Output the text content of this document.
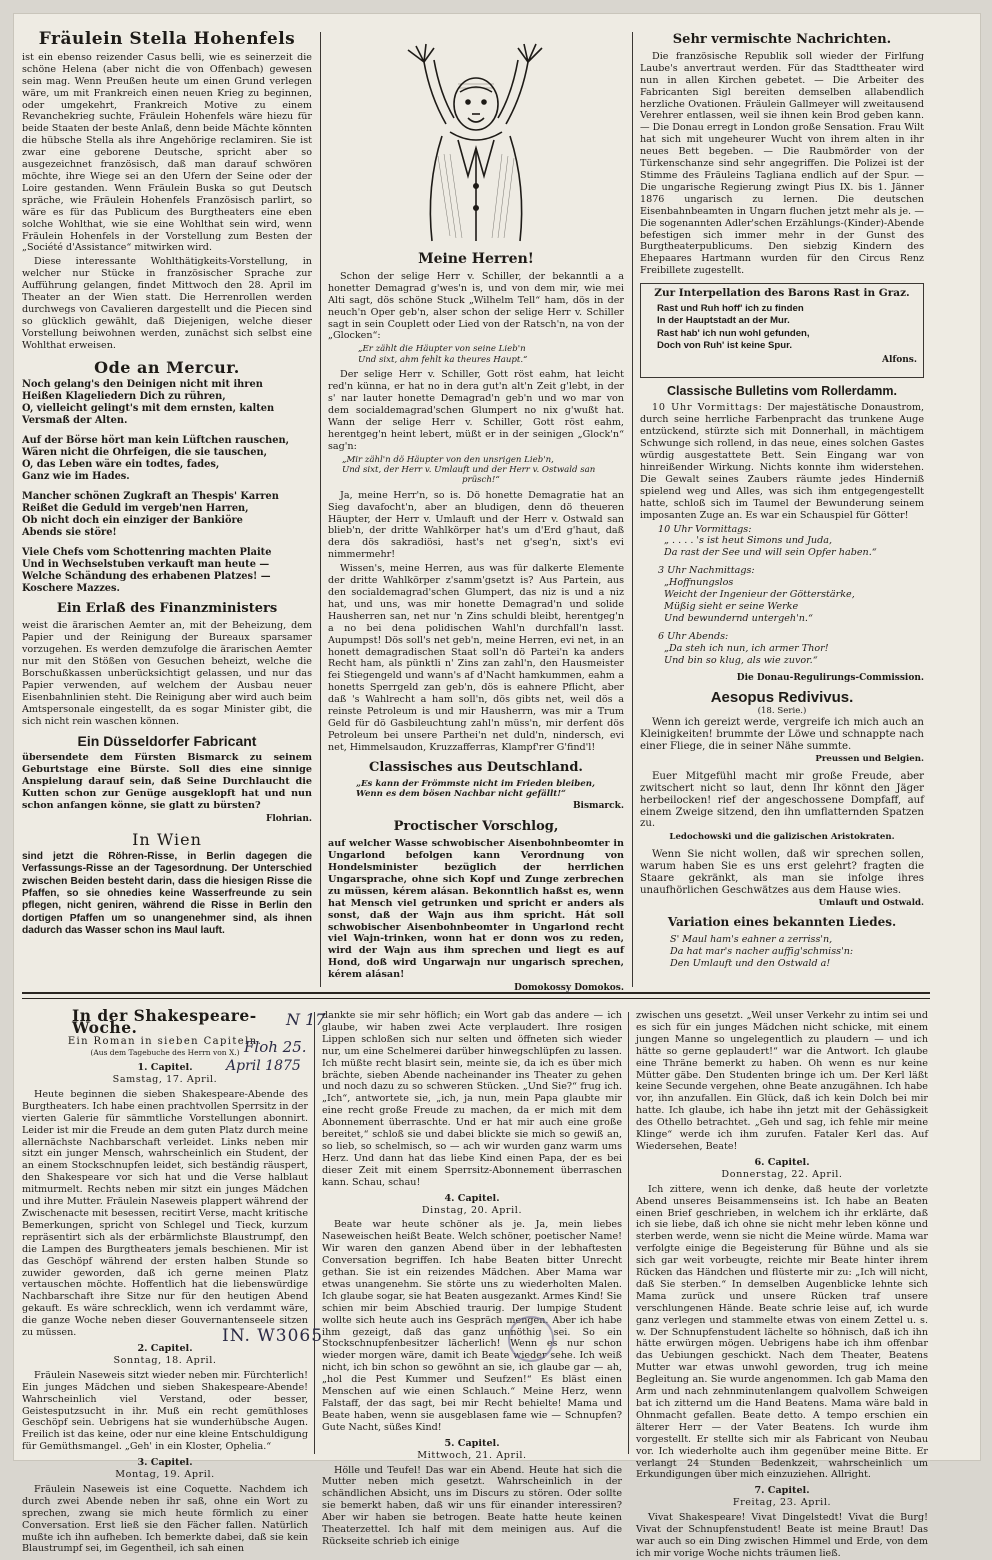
Fräulein Stella Hohenfels

ist ein ebenso reizender Casus belli, wie es seinerzeit die schöne Helena (aber nicht die von Offenbach) gewesen sein mag. Wenn Preußen heute um einen Grund verlegen wäre, um mit Frankreich einen neuen Krieg zu beginnen, oder umgekehrt, Frankreich Motive zu einem Revanchekrieg suchte, Fräulein Hohenfels wäre hiezu für beide Staaten der beste Anlaß, denn beide Mächte könnten die hübsche Stella als ihre Angehörige reclamiren. Sie ist zwar eine geborene Deutsche, spricht aber so ausgezeichnet französisch, daß man darauf schwören möchte, ihre Wiege sei an den Ufern der Seine oder der Loire gestanden. Wenn Fräulein Buska so gut Deutsch spräche, wie Fräulein Hohenfels Französisch parlirt, so wäre es für das Publicum des Burgtheaters eine eben solche Wohlthat, wie sie eine Wohlthat sein wird, wenn Fräulein Hohenfels in der Vorstellung zum Besten der „Société d'Assistance“ mitwirken wird.

Diese interessante Wohlthätigkeits-Vorstellung, in welcher nur Stücke in französischer Sprache zur Aufführung gelangen, findet Mittwoch den 28. April im Theater an der Wien statt. Die Herrenrollen werden durchwegs von Cavalieren dargestellt und die Piecen sind so glücklich gewählt, daß Diejenigen, welche dieser Vorstellung beiwohnen werden, zunächst sich selbst eine Wohlthat erweisen.

Ode an Mercur.
Noch gelang's den Deinigen nicht mit ihren
Heißen Klageliedern Dich zu rühren,
O, vielleicht gelingt's mit dem ernsten, kalten
Versmaß der Alten.
Auf der Börse hört man kein Lüftchen rauschen,
Wären nicht die Ohrfeigen, die sie tauschen,
O, das Leben wäre ein todtes, fades,
Ganz wie im Hades.
Mancher schönen Zugkraft an Thespis' Karren
Reißet die Geduld im vergeb'nen Harren,
Ob nicht doch ein einziger der Bankiöre
Abends sie störe!
Viele Chefs vom Schottenring machten Plaite
Und in Wechselstuben verkauft man heute —
Welche Schändung des erhabenen Platzes! —
Koschere Mazzes.
Ein Erlaß des Finanzministers

weist die ärarischen Aemter an, mit der Beheizung, dem Papier und der Reinigung der Bureaux sparsamer vorzugehen. Es werden demzufolge die ärarischen Aemter nur mit den Stößen von Gesuchen beheizt, welche die Borschußkassen unberücksichtigt gelassen, und nur das Papier verwenden, auf welchem der Ausbau neuer Eisenbahnlinien steht. Die Reinigung aber wird auch beim Amtspersonale eingestellt, da es sogar Minister gibt, die sich nicht rein waschen können.

Ein Düsseldorfer Fabricant

übersendete dem Fürsten Bismarck zu seinem Geburtstage eine Bürste. Soll dies eine sinnige Anspielung darauf sein, daß Seine Durchlaucht die Kutten schon zur Genüge ausgeklopft hat und nun schon anfangen könne, sie glatt zu bürsten?

Flohrian.
In Wien

sind jetzt die Röhren-Risse, in Berlin dagegen die Verfassungs-Risse an der Tagesordnung. Der Unterschied zwischen Beiden besteht darin, dass die hiesigen Risse die Pfaffen, so sie ohnedies keine Wasserfreunde zu sein pflegen, nicht geniren, während die Risse in Berlin den dortigen Pfaffen um so unangenehmer sind, als ihnen dadurch das Wasser schon ins Maul lauft.

Meine Herren!

Schon der selige Herr v. Schiller, der bekanntli a a honetter Demagrad g'wes'n is, und von dem mir, wie mei Alti sagt, dös schöne Stuck „Wilhelm Tell“ ham, dös in der neuch'n Oper geb'n, alser schon der selige Herr v. Schiller sagt in sein Couplett oder Lied von der Ratsch'n, na von der „Glocken“:

„Er zählt die Häupter von seine Lieb'n
Und sixt, ahm fehlt ka theures Haupt.“

Der selige Herr v. Schiller, Gott röst eahm, hat leicht red'n künna, er hat no in dera gut'n alt'n Zeit g'lebt, in der s' nar lauter honette Demagrad'n geb'n und wo mar von dem socialdemagrad'schen Glumpert no nix g'wußt hat. Wann der selige Herr v. Schiller, Gott röst eahm, herentgeg'n heint lebert, müßt er in der seinigen „Glock'n“ sag'n:

„Mir zähl'n dö Häupter von den unsrigen Lieb'n,
Und sixt, der Herr v. Umlauft und der Herr v. Ostwald san
prüsch!“

Ja, meine Herr'n, so is. Dö honette Demagratie hat an Sieg davafocht'n, aber an bludigen, denn dö theueren Häupter, der Herr v. Umlauft und der Herr v. Ostwald san blieb'n, der dritte Wahlkörper hat's um d'Erd g'haut, daß dera dös sakradiösi, hast's net g'seg'n, sixt's evi nimmermehr!

Wissen's, meine Herren, aus was für dalkerte Elemente der dritte Wahlkörper z'samm'gsetzt is? Aus Partein, aus den socialdemagrad'schen Glumpert, das niz is und a niz hat, und uns, was mir honette Demagrad'n und solide Hausherren san, net nur 'n Zins schuldi bleibt, herentgeg'n a no bei dena polidischen Wahl'n durchfall'n lasst. Aupumpst! Dös soll's net geb'n, meine Herren, evi net, in an honett demagradischen Staat soll'n dö Partei'n ka anders Recht ham, als pünktli n' Zins zan zahl'n, den Hausmeister fei Stiegengeld und wann's af d'Nacht hamkummen, eahm a honetts Sperrgeld zan geb'n, dös is eahnere Pflicht, aber daß 's Wahlrecht a ham soll'n, dös gibts net, weil dös a reinste Petroleum is und mir Hausherrn, was mir a Trum Geld für dö Gasbileuchtung zahl'n müss'n, mir derfent dös Petroleum bei unsere Parthei'n net duld'n, nindersch, evi net, Himmelsaudon, Kruzzafferras, Klampf'rer G'find'l!

Classisches aus Deutschland.
„Es kann der Frömmste nicht im Frieden bleiben,
Wenn es dem bösen Nachbar nicht gefällt!“
Bismarck.
Proctischer Vorschlog,

auf welcher Wasse schwobischer Aisenbohnbeomter in Ungarlond befolgen kann Verordnung von Hondelsminister bezüglich der herrlichen Ungarsprache, ohne sich Kopf und Zunge zerbrechen zu müssen, kérem alásan. Bekonntlich haßst es, wenn hat Mensch viel getrunken und spricht er anders als sonst, daß der Wajn aus ihm spricht. Hát soll schwobischer Aisenbohnbeomter in Ungarlond recht viel Wajn-trinken, wonn hat er donn wos zu reden, wird der Wajn aus ihm sprechen und liegt es auf Hond, doß wird Ungarwajn nur ungarisch sprechen, kérem alásan!

Domokossy Domokos.
Sehr vermischte Nachrichten.

Die französische Republik soll wieder der Firlfung Laube's anvertraut werden. Für das Stadttheater wird nun in allen Kirchen gebetet. — Die Arbeiter des Fabricanten Sigl bereiten demselben allabendlich herzliche Ovationen. Fräulein Gallmeyer will zweitausend Verehrer entlassen, weil sie ihnen kein Brod geben kann. — Die Donau erregt in London große Sensation. Frau Wilt hat sich mit ungeheurer Wucht von ihrem alten in ihr neues Bett begeben. — Die Raubmörder von der Türkenschanze sind sehr angegriffen. Die Polizei ist der Stimme des Fräuleins Tagliana endlich auf der Spur. — Die ungarische Regierung zwingt Pius IX. bis 1. Jänner 1876 ungarisch zu lernen. Die deutschen Eisenbahnbeamten in Ungarn fluchen jetzt mehr als je. — Die sogenannten Adler'schen Erzählungs-(Kinder)-Abende befestigen sich immer mehr in der Gunst des Burgtheaterpublicums. Den siebzig Kindern des Ehepaares Hartmann wurden für den Circus Renz Freibillete zugestellt.

Zur Interpellation des Barons Rast in Graz.
Rast und Ruh hoff' ich zu finden
In der Hauptstadt an der Mur.
Rast hab' ich nun wohl gefunden,
Doch von Ruh' ist keine Spur.
Alfons.
Classische Bulletins vom Rollerdamm.

10 Uhr Vormittags: Der majestätische Donaustrom, durch seine herrliche Farbenpracht das trunkene Auge entzückend, stürzte sich mit Donnerhall, in mächtigem Schwunge sich rollend, in das neue, eines solchen Gastes würdig ausgestattete Bett. Sein Eingang war von hinreißender Wirkung. Nichts konnte ihm widerstehen. Die Gewalt seines Zaubers räumte jedes Hinderniß spielend weg und Alles, was sich ihm entgegengestellt hatte, schloß sich im Taumel der Bewunderung seinem imposanten Zuge an. Es war ein Schauspiel für Götter!

10 Uhr Vormittags:
„ . . . . 's ist heut Simons und Juda,
Da rast der See und will sein Opfer haben.“
3 Uhr Nachmittags:
„Hoffnungslos
Weicht der Ingenieur der Götterstärke,
Müßig sieht er seine Werke
Und bewundernd untergeh'n.“
6 Uhr Abends:
„Da steh ich nun, ich armer Thor!
Und bin so klug, als wie zuvor.“
Die Donau-Regulirungs-Commission.
Aesopus Redivivus.
(18. Serie.)

Wenn ich gereizt werde, vergreife ich mich auch an Kleinigkeiten! brummte der Löwe und schnappte nach einer Fliege, die in seiner Nähe summte.

Preussen und Belgien.

Euer Mitgefühl macht mir große Freude, aber zwitschert nicht so laut, denn Ihr könnt den Jäger herbeilocken! rief der angeschossene Dompfaff, auf einem Zweige sitzend, den ihn umflatternden Spatzen zu.

Ledochowski und die galizischen Aristokraten.

Wenn Sie nicht wollen, daß wir sprechen sollen, warum haben Sie es uns erst gelehrt? fragten die Staare gekränkt, als man sie infolge ihres unaufhörlichen Geschwätzes aus dem Hause wies.

Umlauft und Ostwald.
Variation eines bekannten Liedes.
S' Maul ham's eahner a zerriss'n,
Da hat mar's nacher auffig'schmiss'n:
Den Umlauft und den Ostwald a!
In der Shakespeare-Woche.
Ein Roman in sieben Capiteln.
(Aus dem Tagebuche des Herrn von X.)

1. Capitel.

Samstag, 17. April.

Heute beginnen die sieben Shakespeare-Abende des Burgtheaters. Ich habe einen prachtvollen Sperrsitz in der vierten Galerie für sämmtliche Vorstellungen abonnirt. Leider ist mir die Freude an dem guten Platz durch meine allernächste Nachbarschaft verleidet. Links neben mir sitzt ein junger Mensch, wahrscheinlich ein Student, der an einem Stockschnupfen leidet, sich beständig räuspert, den Shakespeare vor sich hat und die Verse halblaut mitmurmelt. Rechts neben mir sitzt ein junges Mädchen und ihre Mutter. Fräulein Naseweis plappert während der Zwischenacte mit besessen, recitirt Verse, macht kritische Bemerkungen, spricht von Schlegel und Tieck, kurzum repräsentirt sich als der erbärmlichste Blaustrumpf, den die Lampen des Burgtheaters jemals beschienen. Mir ist das Geschöpf während der ersten halben Stunde so zuwider geworden, daß ich gerne meinen Platz vertauschen möchte. Hoffentlich hat die liebenswürdige Nachbarschaft ihre Sitze nur für den heutigen Abend gekauft. Es wäre schrecklich, wenn ich verdammt wäre, die ganze Woche neben dieser Gouvernantenseele sitzen zu müssen.

2. Capitel.

Sonntag, 18. April.

Fräulein Naseweis sitzt wieder neben mir. Fürchterlich! Ein junges Mädchen und sieben Shakespeare-Abende! Wahrscheinlich viel Verstand, oder besser, Geistesputzsucht in ihr. Muß ein recht gemüthloses Geschöpf sein. Uebrigens hat sie wunderhübsche Augen. Freilich ist das keine, oder nur eine kleine Entschuldigung für Gemüthsmangel. „Geh' in ein Kloster, Ophelia.“

3. Capitel.

Montag, 19. April.

Fräulein Naseweis ist eine Coquette. Nachdem ich durch zwei Abende neben ihr saß, ohne ein Wort zu sprechen, zwang sie mich heute förmlich zu einer Conversation. Erst ließ sie den Fächer fallen. Natürlich mußte ich ihn aufheben. Ich bemerkte dabei, daß sie kein Blaustrumpf sei, im Gegentheil, ich sah einen

dankte sie mir sehr höflich; ein Wort gab das andere — ich glaube, wir haben zwei Acte verplaudert. Ihre rosigen Lippen schloßen sich nur selten und öffneten sich wieder nur, um eine Schelmerei darüber hinwegschlüpfen zu lassen. Ich müßte recht blasirt sein, meinte sie, da ich es über mich brächte, sieben Abende nacheinander ins Theater zu gehen und noch dazu zu so schweren Stücken. „Und Sie?“ frug ich. „Ich“, antwortete sie, „ich, ja nun, mein Papa glaubte mir eine recht große Freude zu machen, da er mich mit dem Abonnement überraschte. Und er hat mir auch eine große bereitet,“ schloß sie und dabei blickte sie mich so gewiß an, so lieb, so schelmisch, so — ach wir wurden ganz warm ums Herz. Und dann hat das liebe Kind einen Papa, der es bei dieser Zeit mit einem Sperrsitz-Abonnement überraschen kann. Schau, schau!

4. Capitel.

Dinstag, 20. April.

Beate war heute schöner als je. Ja, mein liebes Naseweischen heißt Beate. Welch schöner, poetischer Name! Wir waren den ganzen Abend über in der lebhaftesten Conversation begriffen. Ich habe Beaten bitter Unrecht gethan. Sie ist ein reizendes Mädchen. Aber Mama war etwas unangenehm. Sie störte uns zu wiederholten Malen. Ich glaube sogar, sie hat Beaten ausgezankt. Armes Kind! Sie schien mir beim Abschied traurig. Der lumpige Student wollte sich heute auch ins Gespräch mengen. Aber ich habe ihm gezeigt, daß das ganz unnöthig sei. So ein Stockschnupfenbesitzer lächerlich! Wenn es nur schon wieder morgen wäre, damit ich Beate wieder sehe. Ich weiß nicht, ich bin schon so gewöhnt an sie, ich glaube gar — ah, „hol die Pest Kummer und Seufzen!“ Es bläst einen Menschen auf wie einen Schlauch.“ Meine Herz, wenn Falstaff, der das sagt, bei mir Recht behielte! Mama und Beate haben, wenn sie ausgeblasen fame wie — Schnupfen? Gute Nacht, süßes Kind!

5. Capitel.

Mittwoch, 21. April.

Hölle und Teufel! Das war ein Abend. Heute hat sich die Mutter neben mich gesetzt. Wahrscheinlich in der schändlichen Absicht, uns im Discurs zu stören. Oder sollte sie bemerkt haben, daß wir uns für einander interessiren? Aber wir haben sie betrogen. Beate hatte heute keinen Theaterzettel. Ich half mit dem meinigen aus. Auf die Rückseite schrieb ich einige

zwischen uns gesetzt. „Weil unser Verkehr zu intim sei und es sich für ein junges Mädchen nicht schicke, mit einem jungen Manne so ungelegentlich zu plaudern — und ich hätte so gerne geplaudert!“ war die Antwort. Ich glaube eine Thräne bemerkt zu haben. Oh wenn es nur keine Mütter gäbe. Den Studenten bringe ich um. Der Kerl läßt keine Secunde vergehen, ohne Beate anzugähnen. Ich habe vor, ihn anzufallen. Ein Glück, daß ich kein Dolch bei mir hatte. Ich glaube, ich habe ihn jetzt mit der Gehässigkeit des Othello betrachtet. „Geh und sag, ich fehle mir meine Klinge“ werde ich ihm zurufen. Fataler Kerl das. Auf Wiedersehen, Beate!

6. Capitel.

Donnerstag, 22. April.

Ich zittere, wenn ich denke, daß heute der vorletzte Abend unseres Beisammenseins ist. Ich habe an Beaten einen Brief geschrieben, in welchem ich ihr erklärte, daß ich sie liebe, daß ich ohne sie nicht mehr leben könne und sterben werde, wenn sie nicht die Meine würde. Mama war verfolgte einige die Begeisterung für Bühne und als sie sich gar weit vorbeugte, reichte mir Beate hinter ihrem Rücken das Händchen und flüsterte mir zu: „Ich will nicht, daß Sie sterben.“ In demselben Augenblicke lehnte sich Mama zurück und unsere Rücken traf unsere verschlungenen Hände. Beate schrie leise auf, ich wurde ganz verlegen und stammelte etwas von einem Zettel u. s. w. Der Schnupfenstudent lächelte so höhnisch, daß ich ihn hätte erwürgen mögen. Uebrigens habe ich ihm offenbar das Uebiungen geschickt. Nach dem Theater, Beatens Mutter war etwas unwohl geworden, trug ich meine Begleitung an. Sie wurde angenommen. Ich gab Mama den Arm und nach zehnminutenlangem qualvollem Schweigen bat ich zitternd um die Hand Beatens. Mama wäre bald in Ohnmacht gefallen. Beate detto. A tempo erschien ein älterer Herr — der Vater Beatens. Ich wurde ihm vorgestellt. Er stellte sich mir als Fabricant von Neubau vor. Ich wiederholte auch ihm gegenüber meine Bitte. Er verlangt 24 Stunden Bedenkzeit, wahrscheinlich um Erkundigungen über mich einzuziehen. Allright.

7. Capitel.

Freitag, 23. April.

Vivat Shakespeare! Vivat Dingelstedt! Vivat die Burg! Vivat der Schnupfenstudent! Beate ist meine Braut! Das war auch so ein Ding zwischen Himmel und Erde, von dem ich mir vorige Woche nichts träumen ließ.

N 17
Floh 25.
April 1875
IN. W3065
